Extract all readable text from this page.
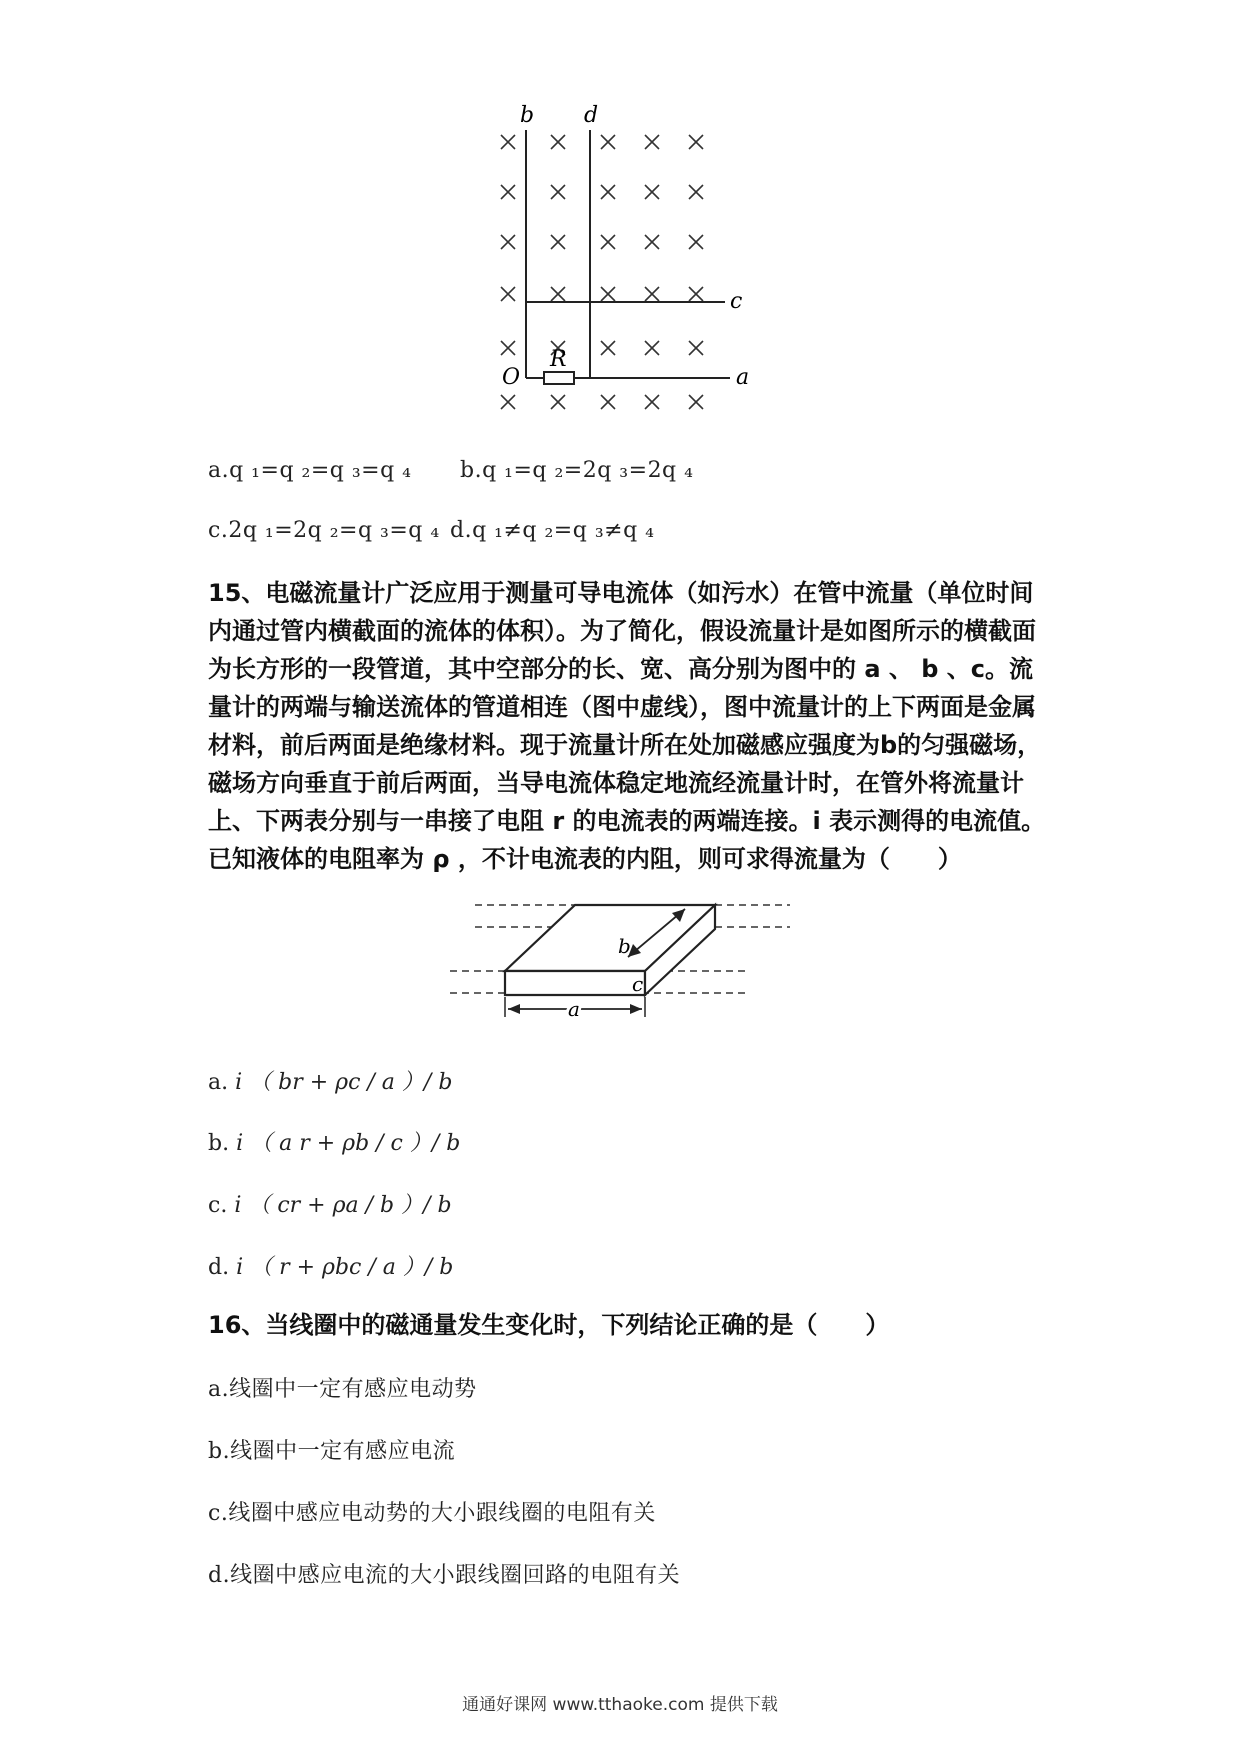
b d
c
a
O
R
a.q ₁=q ₂=q ₃=q ₄ b.q ₁=q ₂=2q ₃=2q ₄
c.2q ₁=2q ₂=q ₃=q ₄ d.q ₁≠q ₂=q ₃≠q ₄

15、电磁流量计广泛应用于测量可导电流体（如污水）在管中流量（单位时间内通过管内横截面的流体的体积）。为了简化，假设流量计是如图所示的横截面为长方形的一段管道，其中空部分的长、宽、高分别为图中的 a 、 b 、c。流量计的两端与输送流体的管道相连（图中虚线），图中流量计的上下两面是金属材料，前后两面是绝缘材料。现于流量计所在处加磁感应强度为b的匀强磁场，磁场方向垂直于前后两面，当导电流体稳定地流经流量计时，在管外将流量计上、下两表分别与一串接了电阻 r 的电流表的两端连接。i 表示测得的电流值。已知液体的电阻率为 ρ ，不计电流表的内阻，则可求得流量为（　　）

b
c
a
a. i （ br + ρc / a ）/ b
b. i （ a r + ρb / c ）/ b
c. i （ cr + ρa / b ）/ b
d. i （ r + ρbc / a ）/ b

16、当线圈中的磁通量发生变化时，下列结论正确的是（　　）

a.线圈中一定有感应电动势
b.线圈中一定有感应电流
c.线圈中感应电动势的大小跟线圈的电阻有关
d.线圈中感应电流的大小跟线圈回路的电阻有关
通通好课网 www.tthaoke.com 提供下载
